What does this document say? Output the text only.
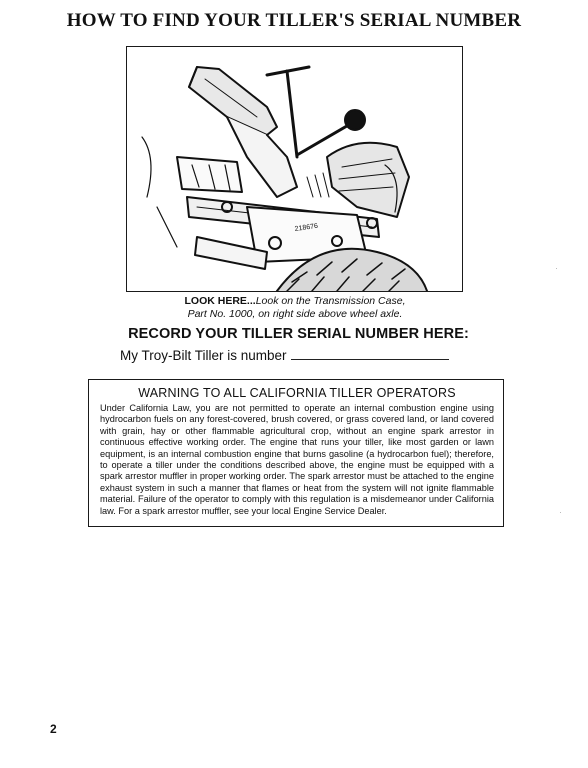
HOW TO FIND YOUR TILLER'S SERIAL NUMBER
218676
LOOK HERE...Look on the Transmission Case,
Part No. 1000, on right side above wheel axle.
RECORD YOUR TILLER SERIAL NUMBER HERE:
My Troy-Bilt Tiller is number
WARNING TO ALL CALIFORNIA TILLER OPERATORS
Under California Law, you are not permitted to operate an internal combustion engine using hydrocarbon fuels on any forest-covered, brush covered, or grass covered land, or land covered with grain, hay or other flammable agricultural crop, without an engine spark arrestor in continuous effective working order. The engine that runs your tiller, like most garden or lawn equipment, is an internal combustion engine that burns gasoline (a hydrocarbon fuel); therefore, to operate a tiller under the conditions described above, the engine must be equipped with a spark arrestor muffler in proper working order. The spark arrestor must be attached to the engine exhaust system in such a manner that flames or heat from the system will not ignite flammable material. Failure of the operator to comply with this regulation is a misdemeanor under California law. For a spark arrestor muffler, see your local Engine Service Dealer.
2
